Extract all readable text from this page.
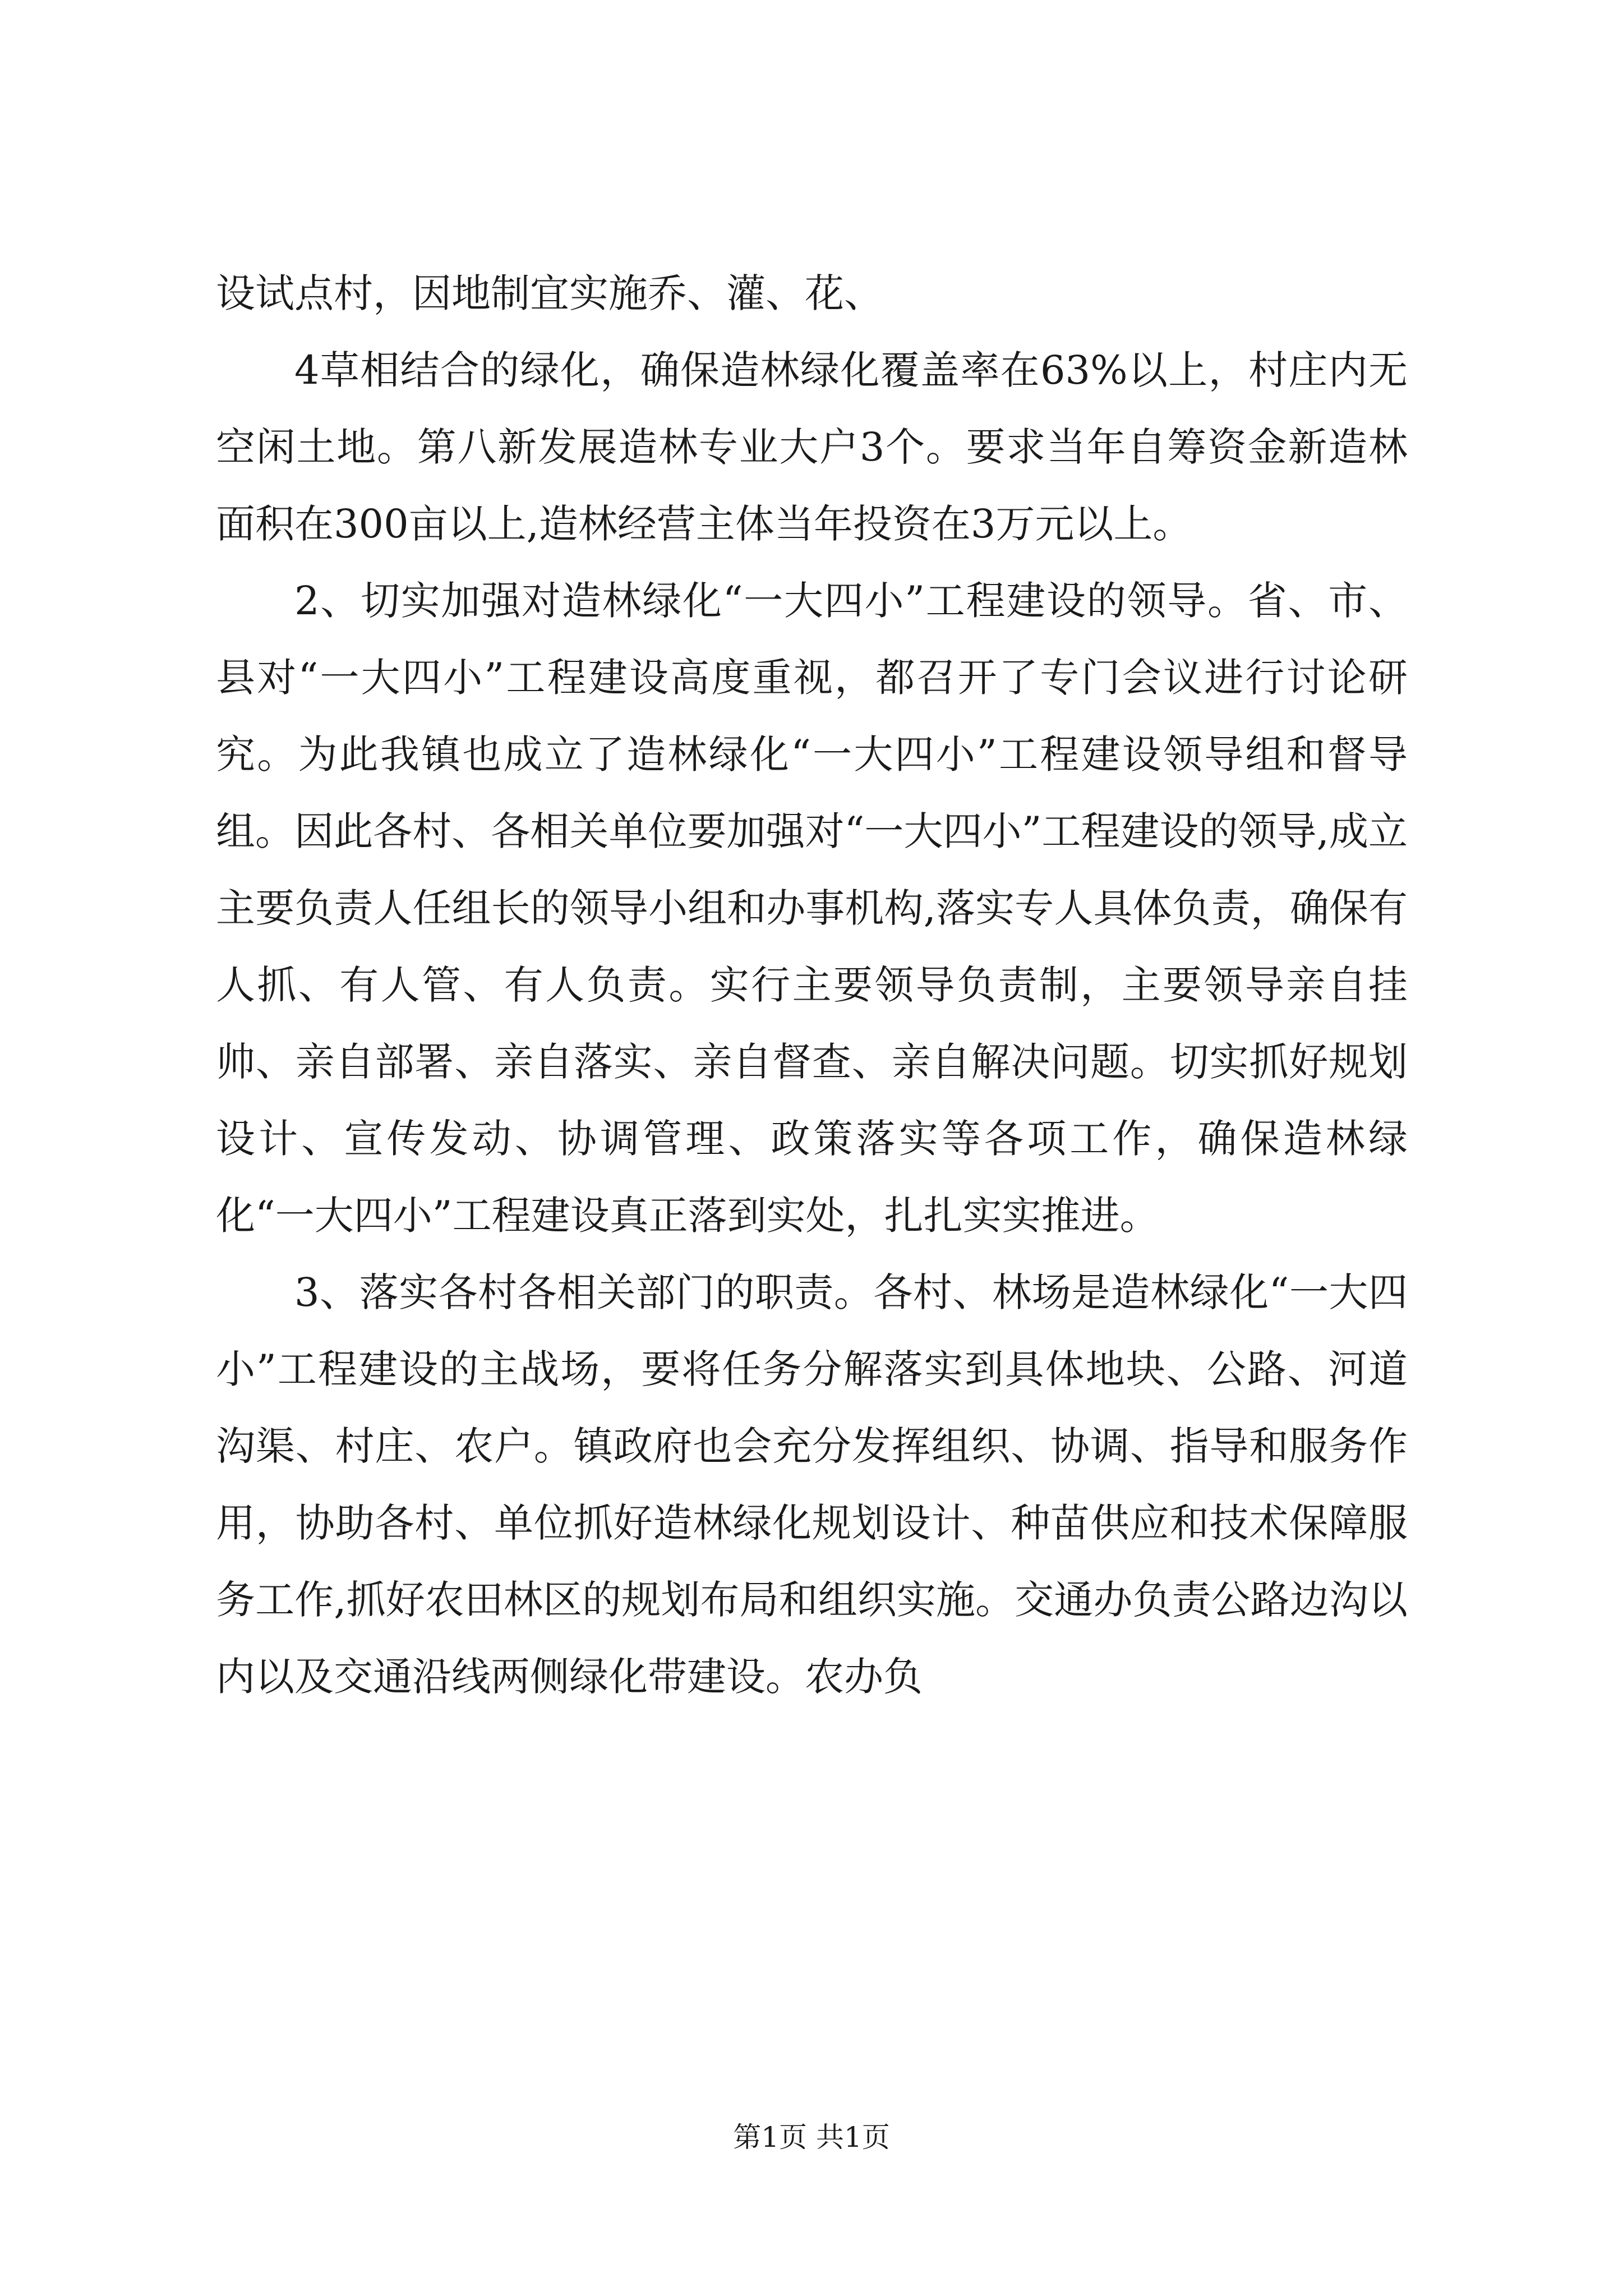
设试点村，因地制宜实施乔、灌、花、

4草相结合的绿化，确保造林绿化覆盖率在63%以上，村庄内无空闲土地。第八新发展造林专业大户3个。要求当年自筹资金新造林面积在300亩以上,造林经营主体当年投资在3万元以上。

2、切实加强对造林绿化“一大四小”工程建设的领导。省、市、县对“一大四小”工程建设高度重视，都召开了专门会议进行讨论研究。为此我镇也成立了造林绿化“一大四小”工程建设领导组和督导组。因此各村、各相关单位要加强对“一大四小”工程建设的领导,成立主要负责人任组长的领导小组和办事机构,落实专人具体负责，确保有人抓、有人管、有人负责。实行主要领导负责制，主要领导亲自挂帅、亲自部署、亲自落实、亲自督查、亲自解决问题。切实抓好规划设计、宣传发动、协调管理、政策落实等各项工作，确保造林绿化“一大四小”工程建设真正落到实处，扎扎实实推进。

3、落实各村各相关部门的职责。各村、林场是造林绿化“一大四小”工程建设的主战场，要将任务分解落实到具体地块、公路、河道沟渠、村庄、农户。镇政府也会充分发挥组织、协调、指导和服务作用，协助各村、单位抓好造林绿化规划设计、种苗供应和技术保障服务工作,抓好农田林区的规划布局和组织实施。交通办负责公路边沟以内以及交通沿线两侧绿化带建设。农办负

第1页 共1页
